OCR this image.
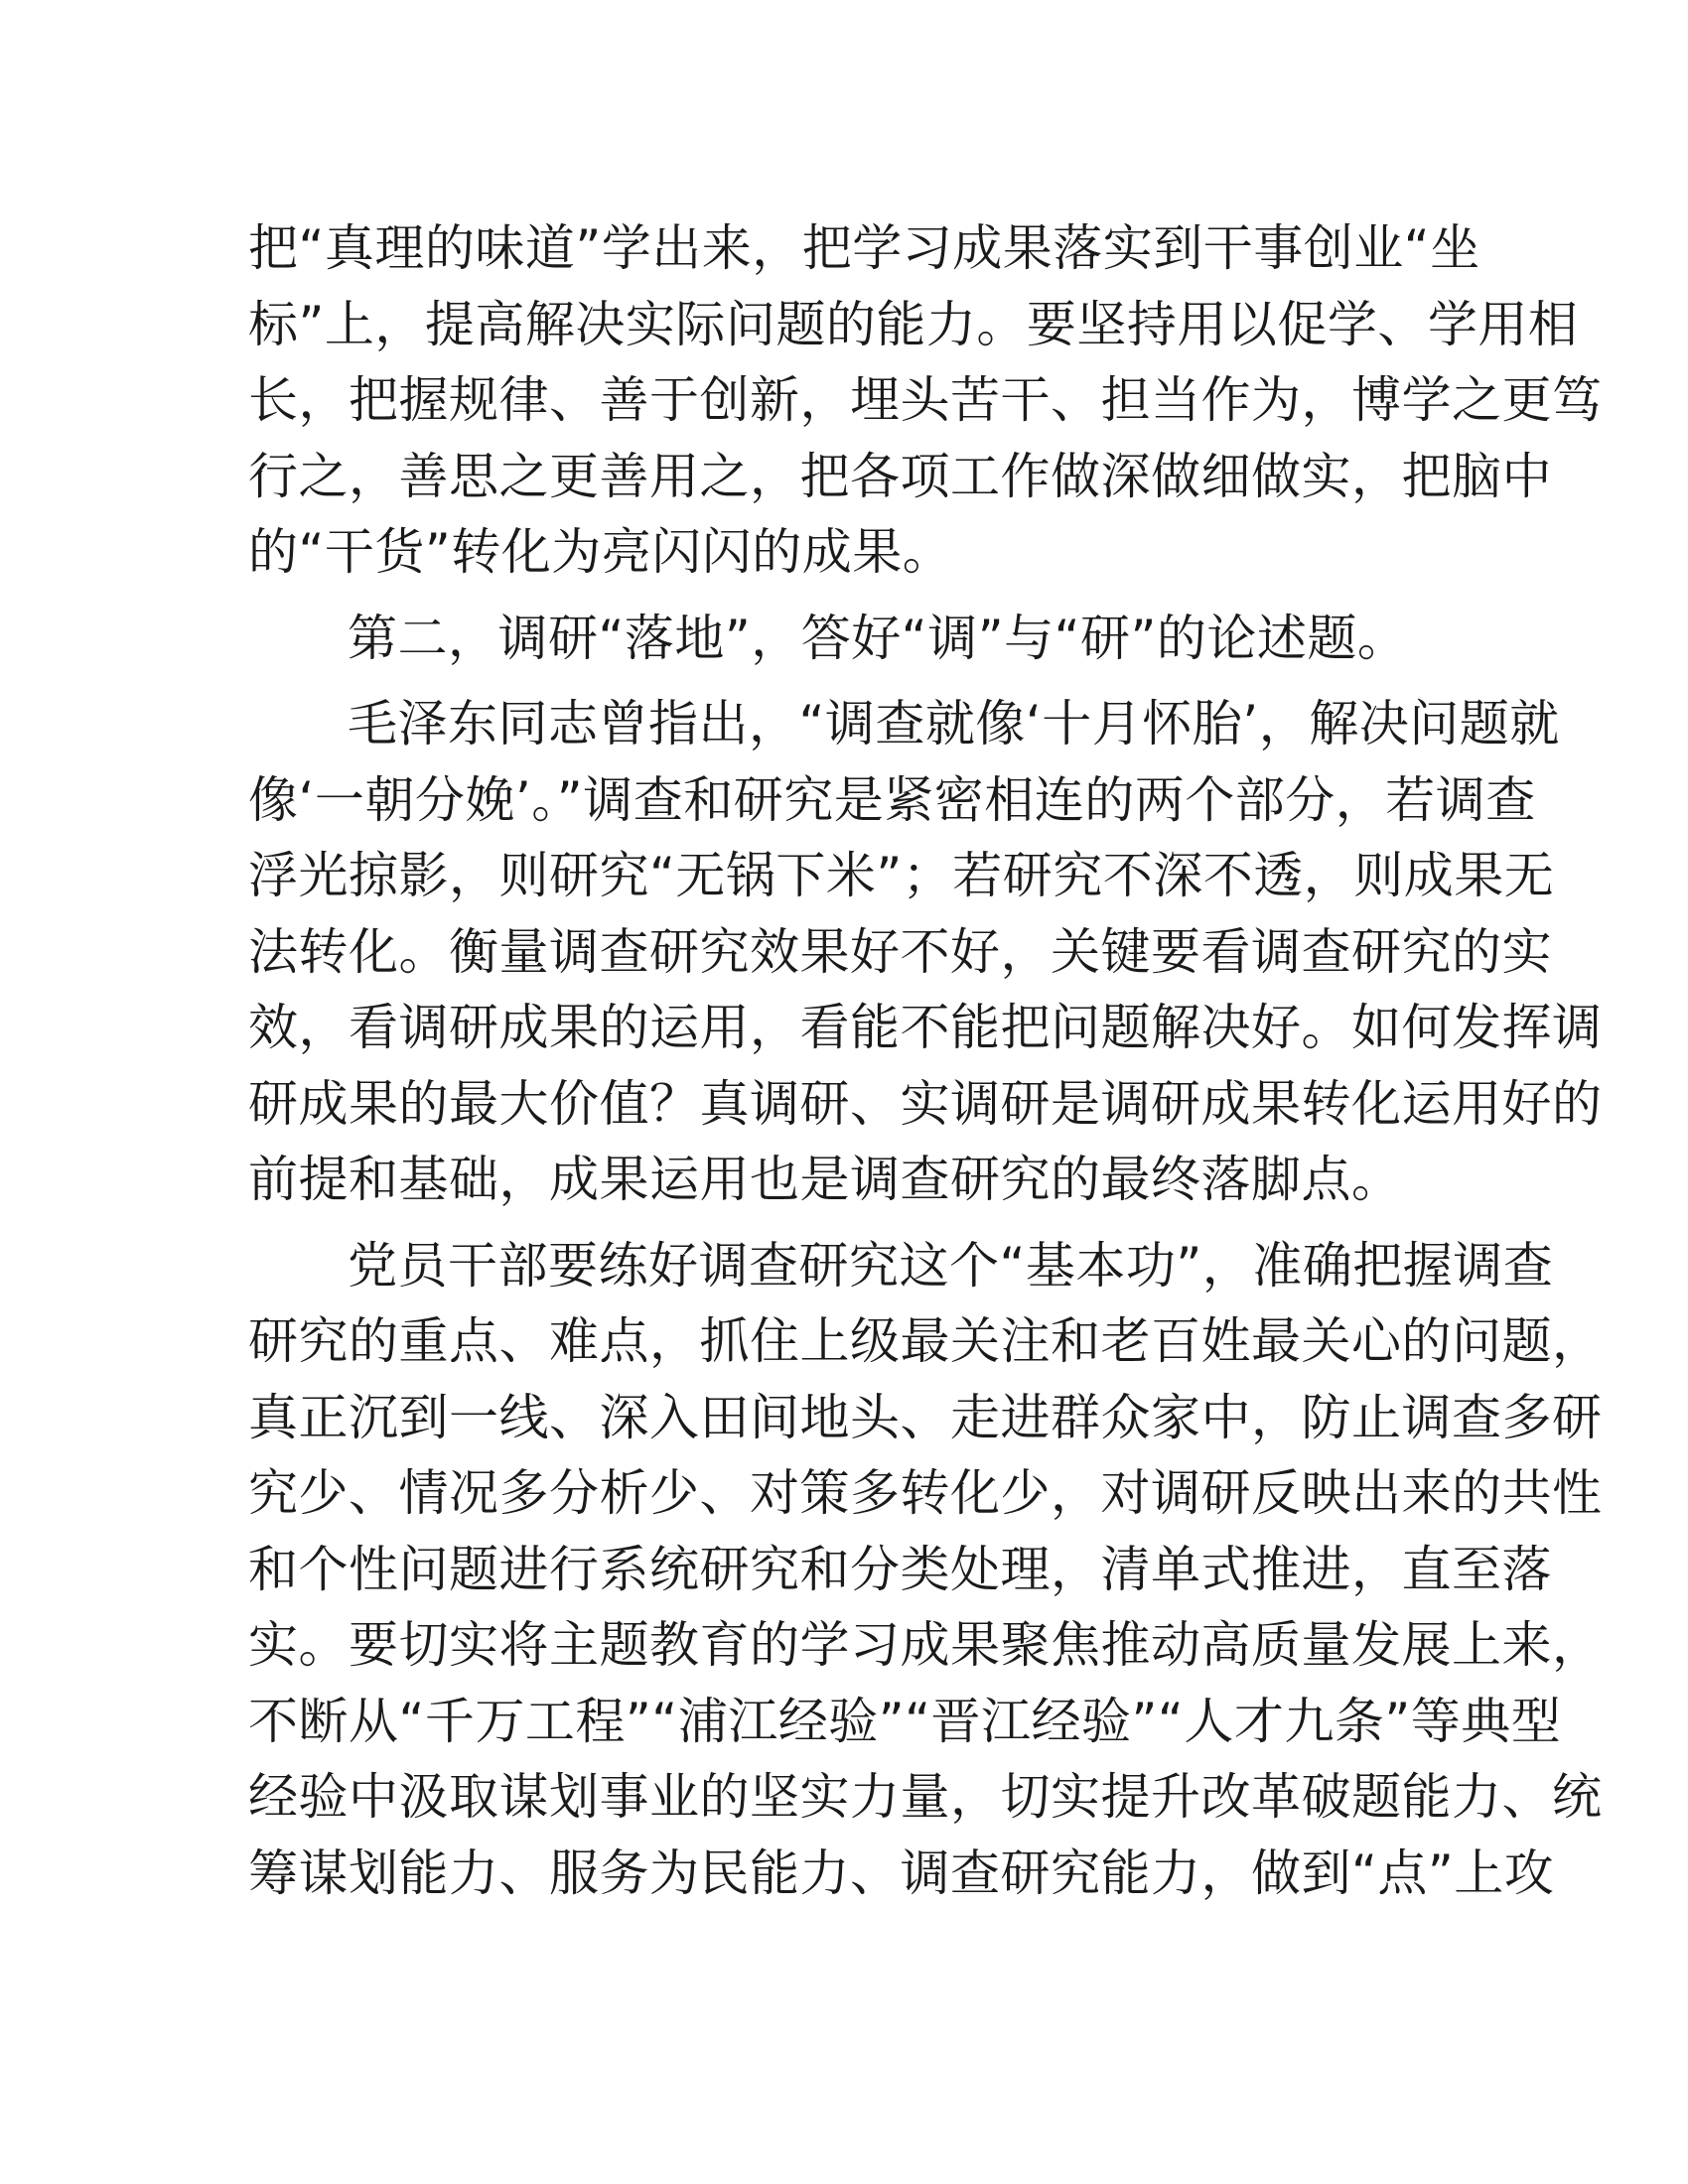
把“真理的味道”学出来，把学习成果落实到干事创业“坐
标”上，提高解决实际问题的能力。要坚持用以促学、学用相
长，把握规律、善于创新，埋头苦干、担当作为，博学之更笃
行之，善思之更善用之，把各项工作做深做细做实，把脑中
的“干货”转化为亮闪闪的成果。
第二，调研“落地”，答好“调”与“研”的论述题。
毛泽东同志曾指出，“调查就像‘十月怀胎’，解决问题就
像‘一朝分娩’。”调查和研究是紧密相连的两个部分，若调查
浮光掠影，则研究“无锅下米”；若研究不深不透，则成果无
法转化。衡量调查研究效果好不好，关键要看调查研究的实
效，看调研成果的运用，看能不能把问题解决好。如何发挥调
研成果的最大价值？真调研、实调研是调研成果转化运用好的
前提和基础，成果运用也是调查研究的最终落脚点。
党员干部要练好调查研究这个“基本功”，准确把握调查
研究的重点、难点，抓住上级最关注和老百姓最关心的问题，
真正沉到一线、深入田间地头、走进群众家中，防止调查多研
究少、情况多分析少、对策多转化少，对调研反映出来的共性
和个性问题进行系统研究和分类处理，清单式推进，直至落
实。要切实将主题教育的学习成果聚焦推动高质量发展上来，
不断从“千万工程”“浦江经验”“晋江经验”“人才九条”等典型
经验中汲取谋划事业的坚实力量，切实提升改革破题能力、统
筹谋划能力、服务为民能力、调查研究能力，做到“点”上攻
